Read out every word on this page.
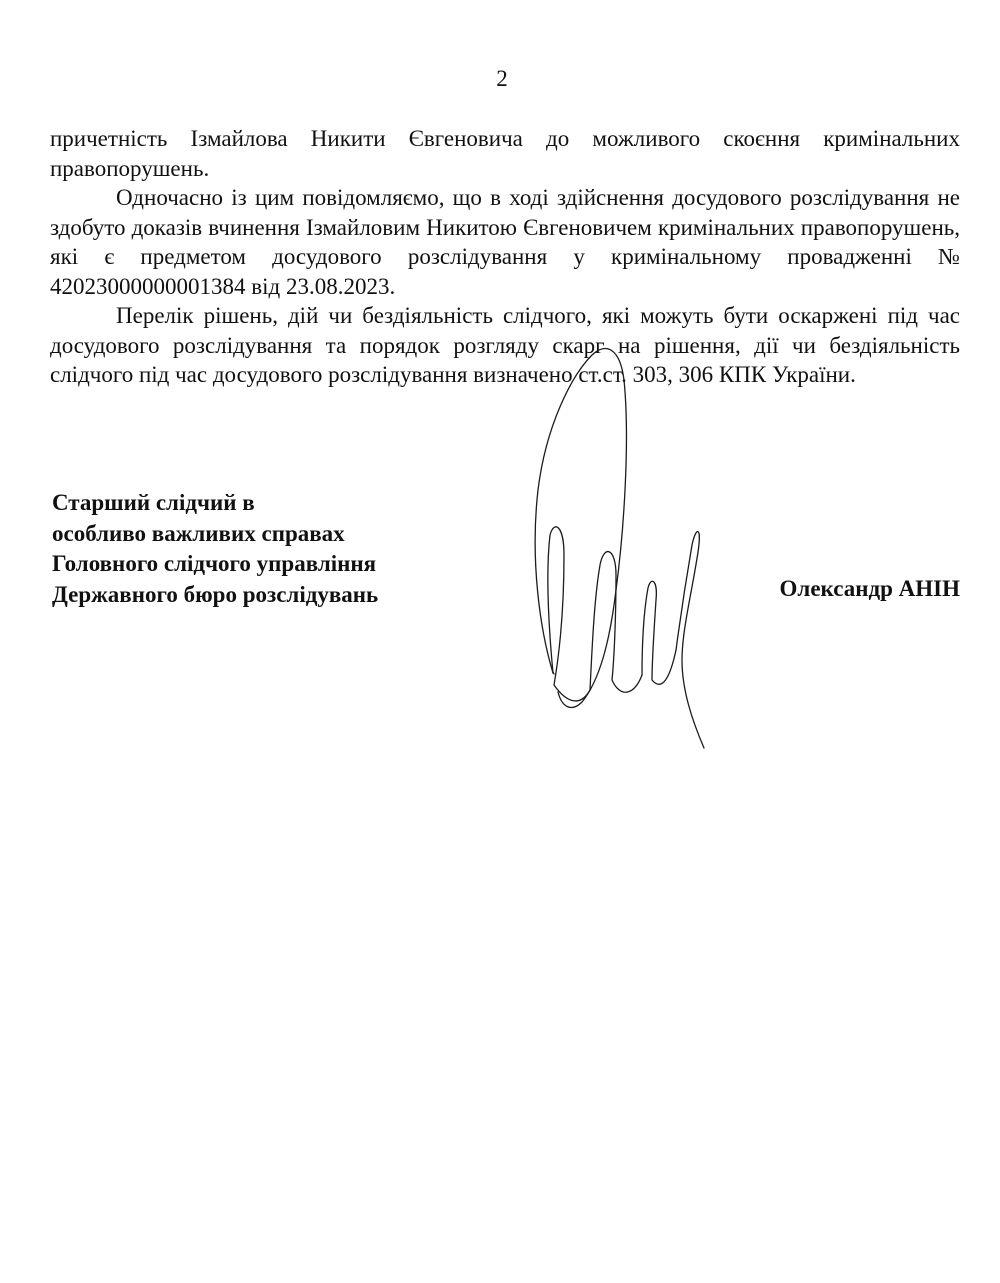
2

причетність Ізмайлова Никити Євгеновича до можливого скоєння кримінальних правопорушень.

Одночасно із цим повідомляємо, що в ході здійснення досудового розслідування не здобуто доказів вчинення Ізмайловим Никитою Євгеновичем кримінальних правопорушень, які є предметом досудового розслідування у кримінальному провадженні № 42023000000001384 від 23.08.2023.

Перелік рішень, дій чи бездіяльність слідчого, які можуть бути оскаржені під час досудового розслідування та порядок розгляду скарг на рішення, дії чи бездіяльність слідчого під час досудового розслідування визначено ст.ст. 303, 306 КПК України.

Старший слідчий в
особливо важливих справах
Головного слідчого управління
Державного бюро розслідувань	Олександр АНІН
